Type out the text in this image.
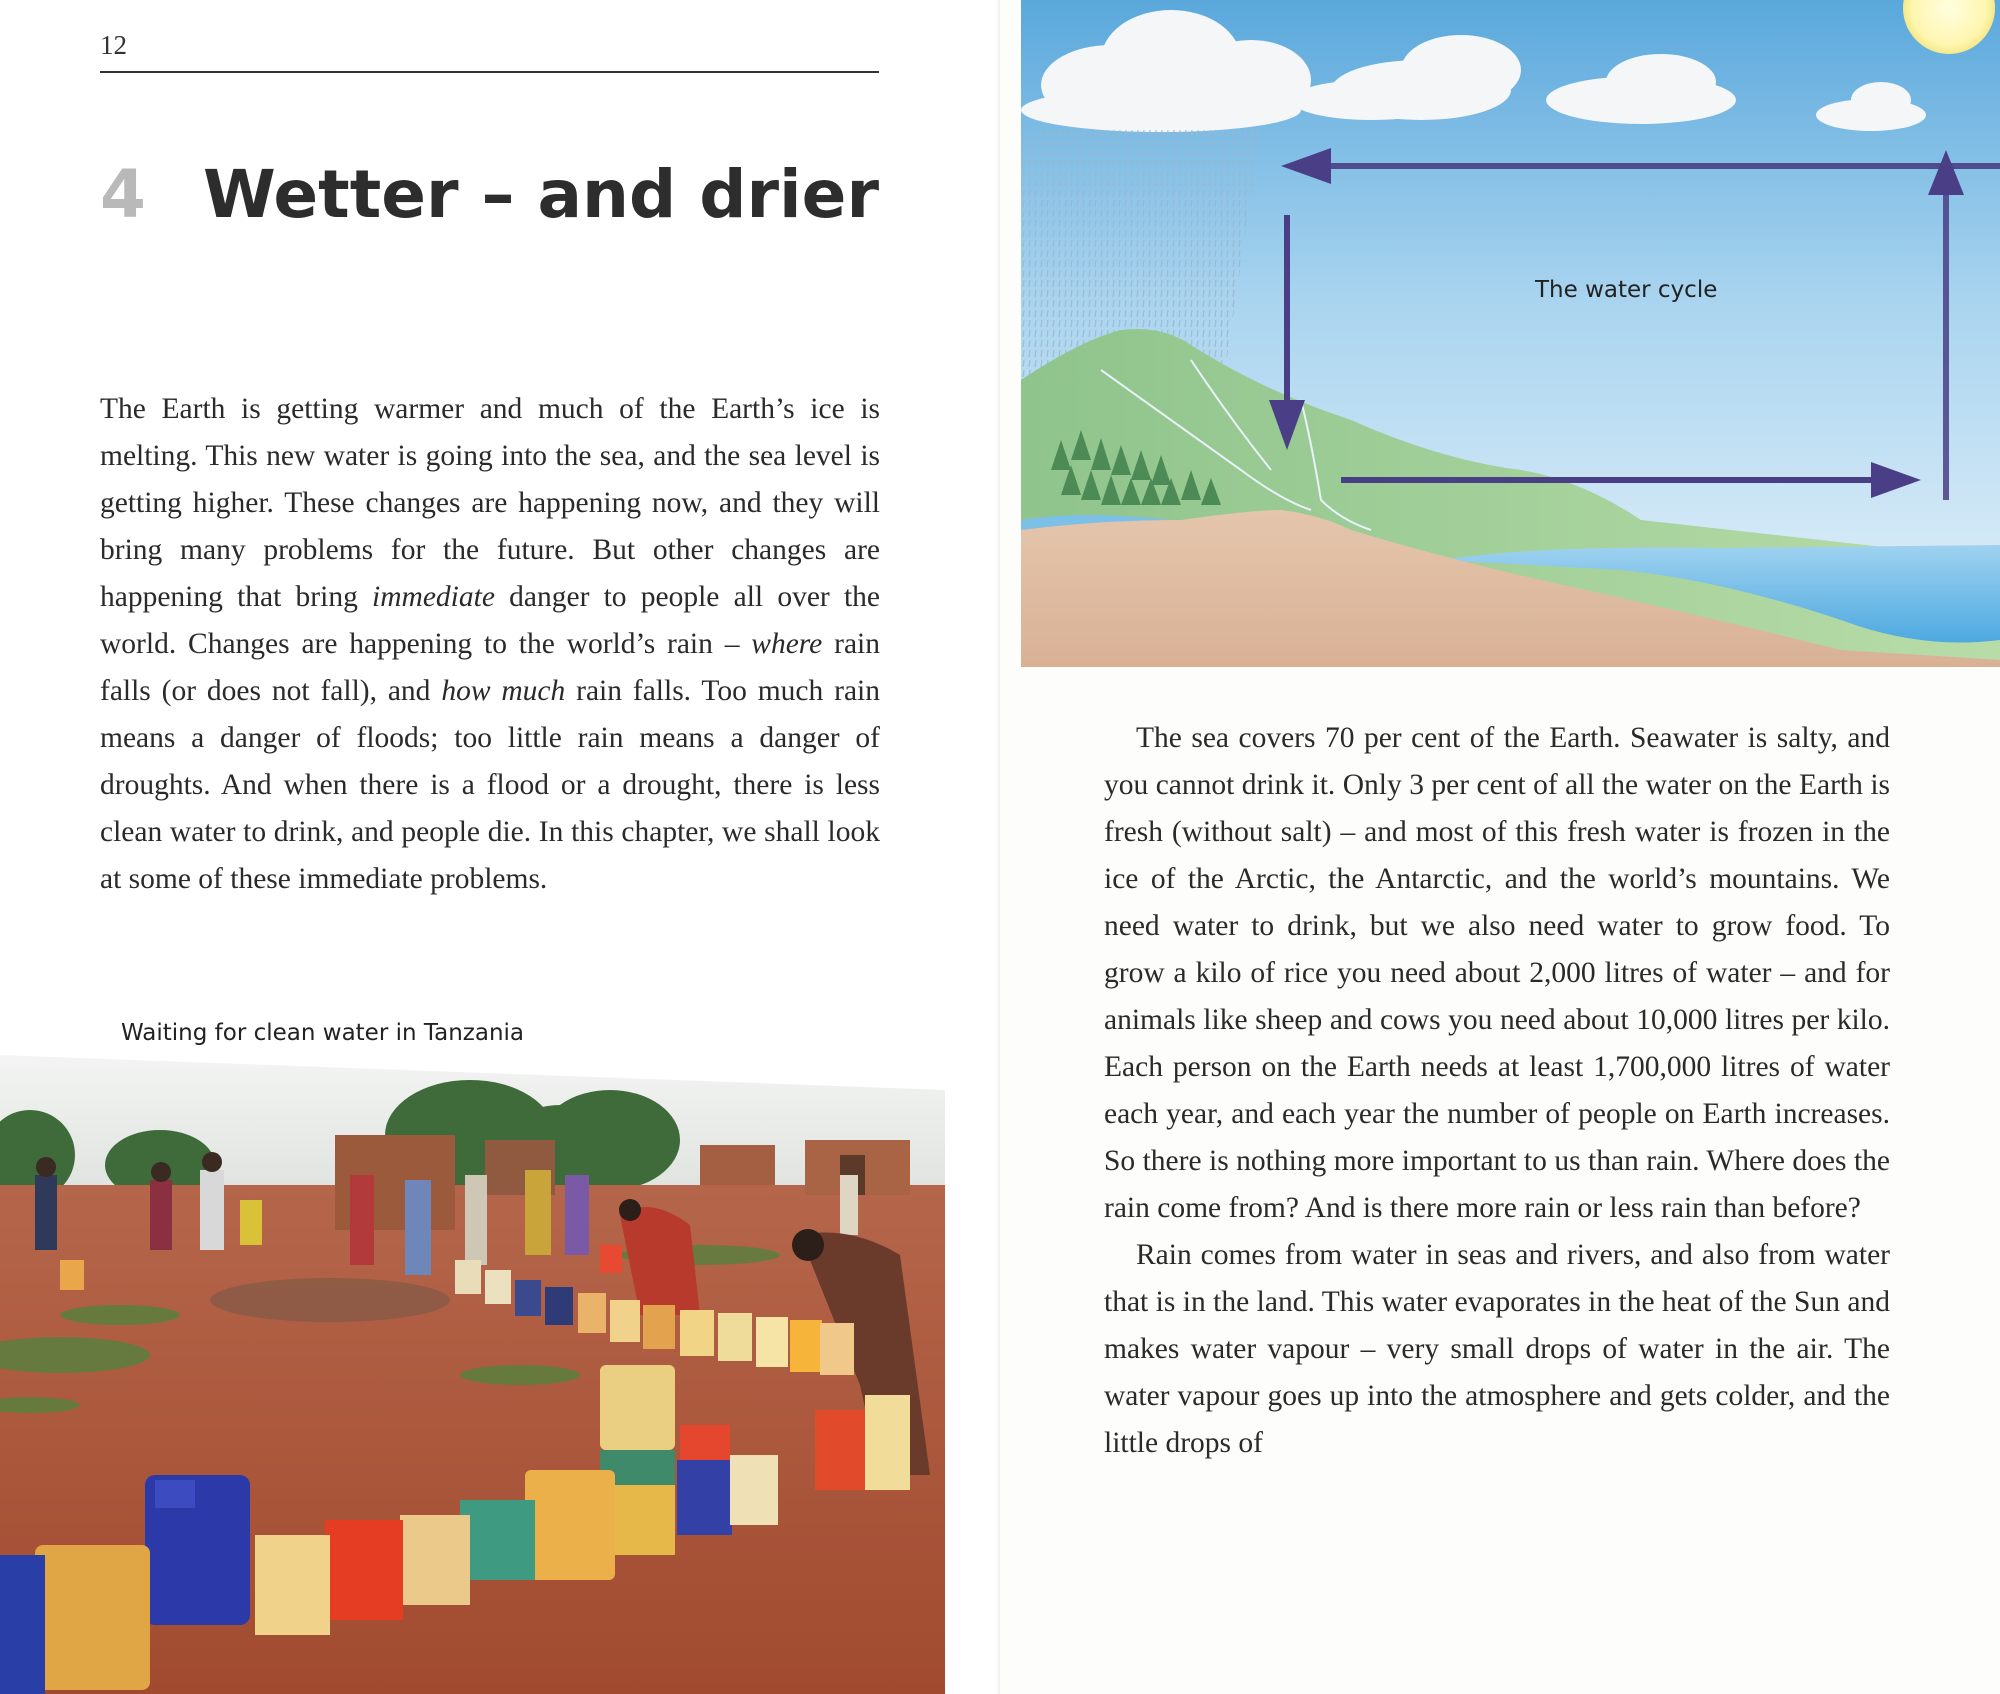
12
4 Wetter – and drier

The Earth is getting warmer and much of the Earth’s ice is melting. This new water is going into the sea, and the sea level is getting higher. These changes are happening now, and they will bring many problems for the future. But other changes are happening that bring immediate danger to people all over the world. Changes are happening to the world’s rain – where rain falls (or does not fall), and how much rain falls. Too much rain means a danger of floods; too little rain means a danger of droughts. And when there is a flood or a drought, there is less clean water to drink, and people die. In this chapter, we shall look at some of these immediate problems.

Waiting for clean water in Tanzania

The sea covers 70 per cent of the Earth. Seawater is salty, and you cannot drink it. Only 3 per cent of all the water on the Earth is fresh (without salt) – and most of this fresh water is frozen in the ice of the Arctic, the Antarctic, and the world’s mountains. We need water to drink, but we also need water to grow food. To grow a kilo of rice you need about 2,000 litres of water – and for animals like sheep and cows you need about 10,000 litres per kilo. Each person on the Earth needs at least 1,700,000 litres of water each year, and each year the number of people on Earth increases. So there is nothing more important to us than rain. Where does the rain come from? And is there more rain or less rain than before?

Rain comes from water in seas and rivers, and also from water that is in the land. This water evaporates in the heat of the Sun and makes water vapour – very small drops of water in the air. The water vapour goes up into the atmosphere and gets colder, and the little drops of

The water cycle
